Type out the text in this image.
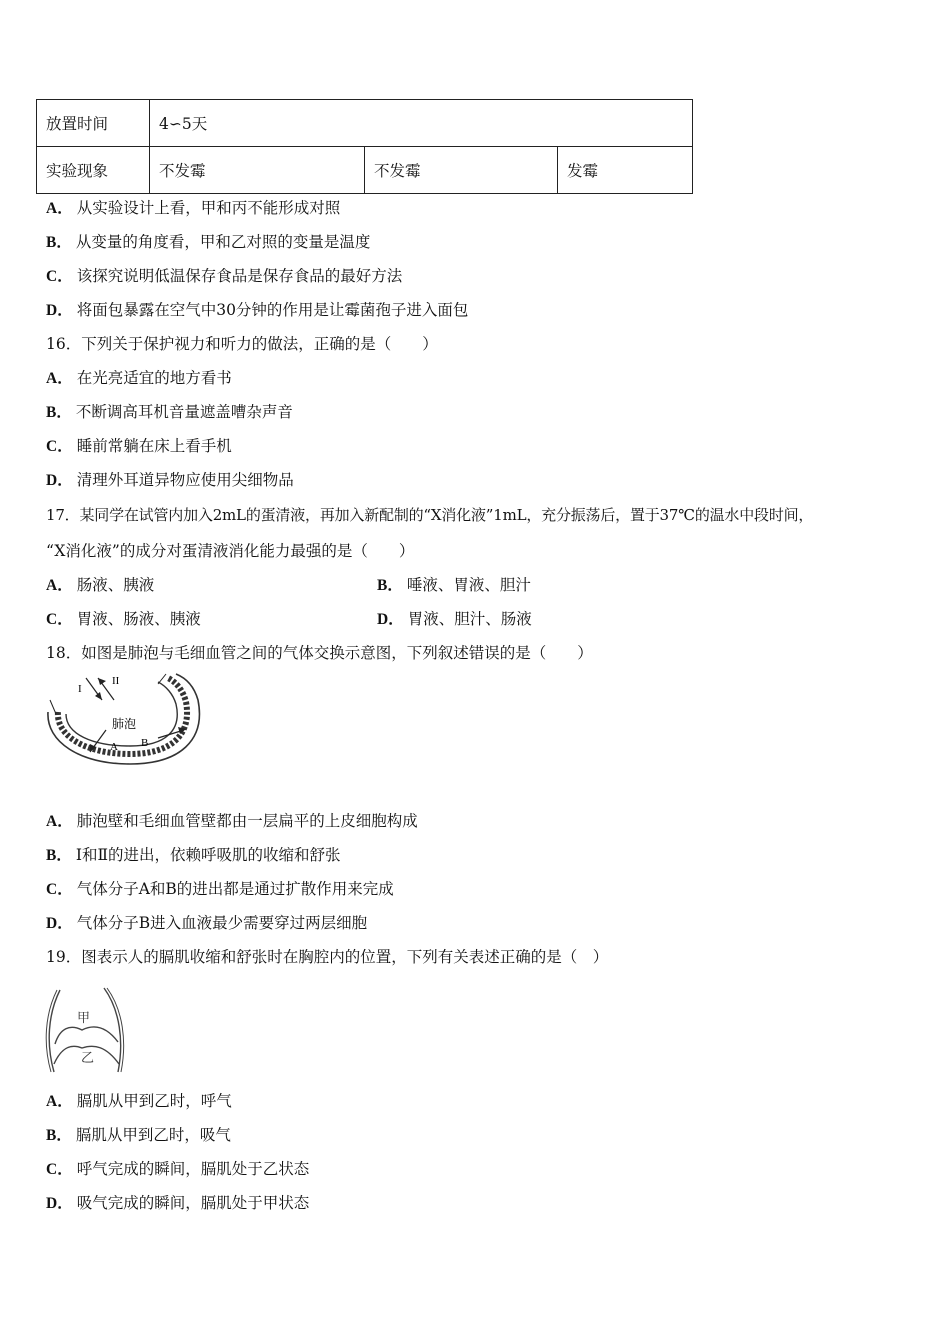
放置时间	4∽5天		
实验现象	不发霉	不发霉	发霉
A． 从实验设计上看，甲和丙不能形成对照
B． 从变量的角度看，甲和乙对照的变量是温度
C． 该探究说明低温保存食品是保存食品的最好方法
D． 将面包暴露在空气中30分钟的作用是让霉菌孢子进入面包
16．下列关于保护视力和听力的做法，正确的是（　　）
A． 在光亮适宜的地方看书
B． 不断调高耳机音量遮盖嘈杂声音
C． 睡前常躺在床上看手机
D． 清理外耳道异物应使用尖细物品
17．某同学在试管内加入2mL的蛋清液，再加入新配制的“X消化液”1mL，充分振荡后，置于37℃的温水中段时间，
“X消化液”的成分对蛋清液消化能力最强的是（　　）
A． 肠液、胰液	B． 唾液、胃液、胆汁
C． 胃液、肠液、胰液	D． 胃液、胆汁、肠液
18．如图是肺泡与毛细血管之间的气体交换示意图，下列叙述错误的是（　　）
I
II
肺泡
A B
A． 肺泡壁和毛细血管壁都由一层扁平的上皮细胞构成
B． Ⅰ和Ⅱ的进出，依赖呼吸肌的收缩和舒张
C． 气体分子A和B的进出都是通过扩散作用来完成
D． 气体分子B进入血液最少需要穿过两层细胞
19．图表示人的膈肌收缩和舒张时在胸腔内的位置，下列有关表述正确的是（　）
甲
乙
A． 膈肌从甲到乙时，呼气
B． 膈肌从甲到乙时，吸气
C． 呼气完成的瞬间，膈肌处于乙状态
D． 吸气完成的瞬间，膈肌处于甲状态
